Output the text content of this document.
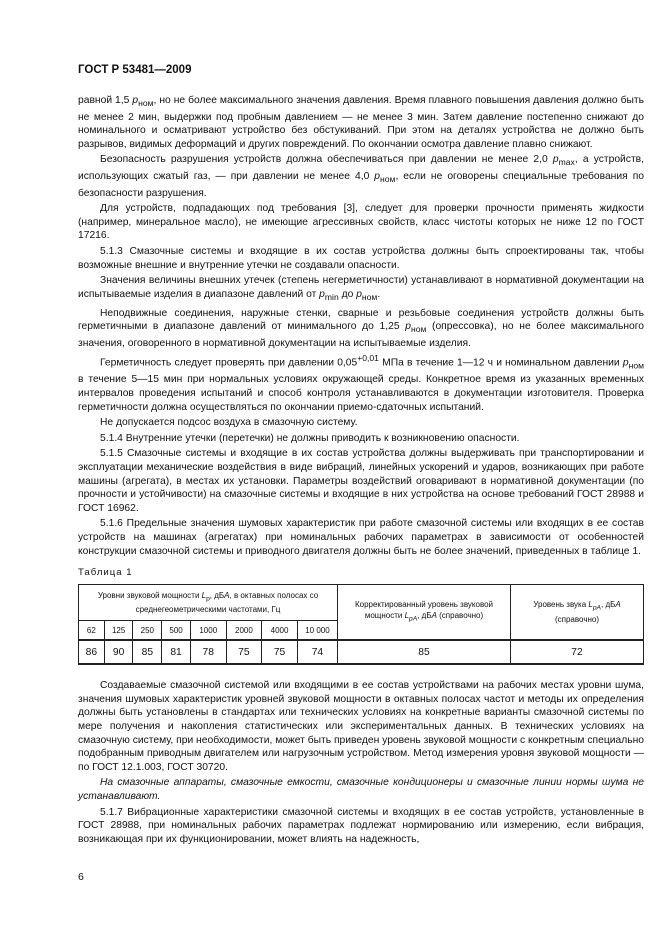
ГОСТ Р 53481—2009

равной 1,5 $p_{ном}$, но не более максимального значения давления. Время плавного повышения давления должно быть не менее 2 мин, выдержки под пробным давлением — не менее 3 мин. Затем давление постепенно снижают до номинального и осматривают устройство без обстукиваний. При этом на деталях устройства не должно быть разрывов, видимых деформаций и других повреждений. По окончании осмотра давление плавно снижают.

Безопасность разрушения устройств должна обеспечиваться при давлении не менее 2,0 $p_{max}$, а устройств, использующих сжатый газ, — при давлении не менее 4,0 $p_{ном}$, если не оговорены специальные требования по безопасности разрушения.

Для устройств, подпадающих под требования [3], следует для проверки прочности применять жидкости (например, минеральное масло), не имеющие агрессивных свойств, класс чистоты которых не ниже 12 по ГОСТ 17216.

5.1.3 Смазочные системы и входящие в их состав устройства должны быть спроектированы так, чтобы возможные внешние и внутренние утечки не создавали опасности.

Значения величины внешних утечек (степень негерметичности) устанавливают в нормативной документации на испытываемые изделия в диапазоне давлений от $p_{min}$ до $p_{ном}$.

Неподвижные соединения, наружные стенки, сварные и резьбовые соединения устройств должны быть герметичными в диапазоне давлений от минимального до 1,25 $p_{ном}$ (опрессовка), но не более максимального значения, оговоренного в нормативной документации на испытываемые изделия.

Герметичность следует проверять при давлении $0,05^{+0,01}$ МПа в течение 1—12 ч и номинальном давлении $p_{ном}$ в течение 5—15 мин при нормальных условиях окружающей среды. Конкретное время из указанных временных интервалов проведения испытаний и способ контроля устанавливаются в документации изготовителя. Проверка герметичности должна осуществляться по окончании приемо-сдаточных испытаний.

Не допускается подсос воздуха в смазочную систему.

5.1.4 Внутренние утечки (перетечки) не должны приводить к возникновению опасности.

5.1.5 Смазочные системы и входящие в их состав устройства должны выдерживать при транспортировании и эксплуатации механические воздействия в виде вибраций, линейных ускорений и ударов, возникающих при работе машины (агрегата), в местах их установки. Параметры воздействий оговаривают в нормативной документации (по прочности и устойчивости) на смазочные системы и входящие в них устройства на основе требований ГОСТ 28988 и ГОСТ 16962.

5.1.6 Предельные значения шумовых характеристик при работе смазочной системы или входящих в ее состав устройств на машинах (агрегатах) при номинальных рабочих параметрах в зависимости от особенностей конструкции смазочной системы и приводного двигателя должны быть не более значений, приведенных в таблице 1.

Таблица 1
Уровни звуковой мощности $L_p$, дБА, в октавных полосах со среднегеометрическими частотами, Гц								Корректированный уровень звуковой мощности $L_{pА}$, дБА (справочно)	Уровень звука $L_{pА}$, дБА (справочно)
62	125	250	500	1000	2000	4000	10 000		
86	90	85	81	78	75	75	74	85	72

Создаваемые смазочной системой или входящими в ее состав устройствами на рабочих местах уровни шума, значения шумовых характеристик уровней звуковой мощности в октавных полосах частот и методы их определения должны быть установлены в стандартах или технических условиях на конкретные варианты смазочной системы по мере получения и накопления статистических или экспериментальных данных. В технических условиях на смазочную систему, при необходимости, может быть приведен уровень звуковой мощности с конкретным специально подобранным приводным двигателем или нагрузочным устройством. Метод измерения уровня звуковой мощности — по ГОСТ 12.1.003, ГОСТ 30720.

На смазочные аппараты, смазочные емкости, смазочные кондиционеры и смазочные линии нормы шума не устанавливают.

5.1.7 Вибрационные характеристики смазочной системы и входящих в ее состав устройств, установленные в ГОСТ 28988, при номинальных рабочих параметрах подлежат нормированию или измерению, если вибрация, возникающая при их функционировании, может влиять на надежность,

6
